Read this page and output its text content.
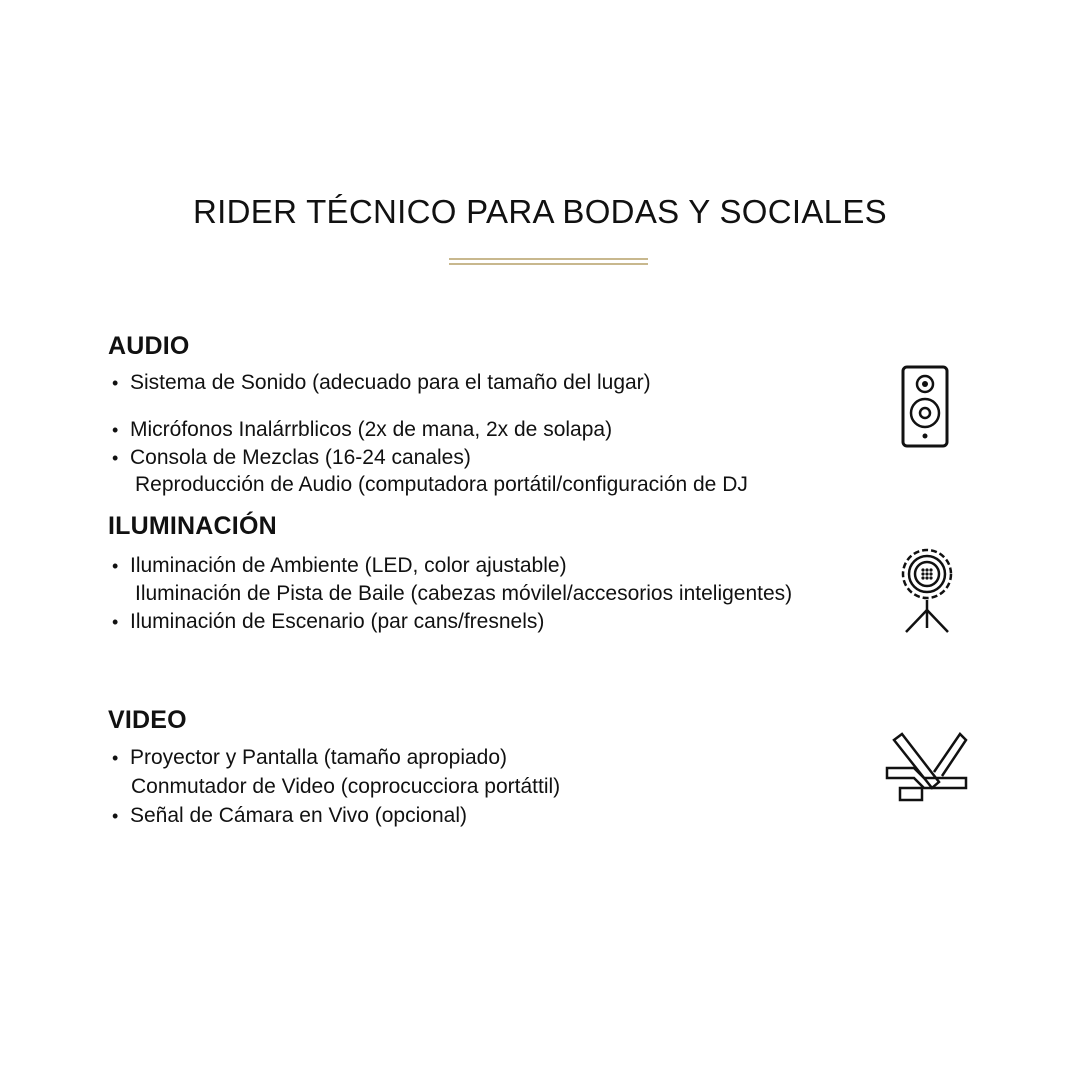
RIDER TÉCNICO PARA BODAS Y SOCIALES
AUDIO
• Sistema de Sonido (adecuado para el tamaño del lugar)
• Micrófonos Inalárrblicos (2x de mana, 2x de solapa)
• Consola de Mezclas (16-24 canales)
Reproducción de Audio (computadora portátil/configuración de DJ
ILUMINACIÓN
• Iluminación de Ambiente (LED, color ajustable)
Iluminación de Pista de Baile (cabezas móvilel/accesorios inteligentes)
• Iluminación de Escenario (par cans/fresnels)
VIDEO
• Proyector y Pantalla (tamaño apropiado)
Conmutador de Video (coprocucciora portáttil)
• Señal de Cámara en Vivo (opcional)
